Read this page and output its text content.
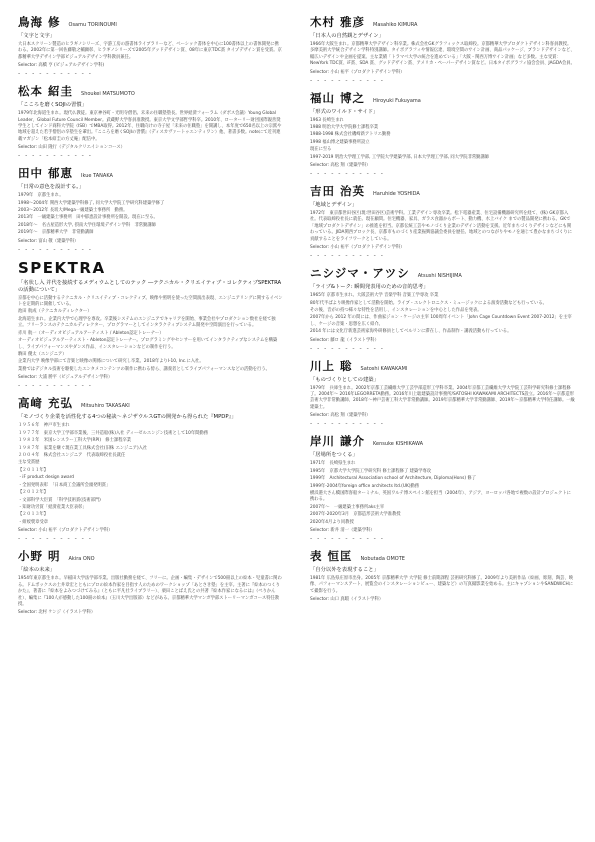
鳥海 修 Osamu TORINOUMI
「文字と文字」

大日本スクリーン製造のヒラギノシリーズ、字游工房の游書体ライブラリーなど、ベーシック書体を中心に100書体以上の書体開発に携わる。2002年に第一回佐藤敬之輔顕彰、ヒラギノシリーズで2005年グッドデザイン賞、08年に東京TDC賞 タイプデザイン賞を受賞。京都精華大学デザイン学部ビジュアルデザイン学科教員兼任。

Selector: 高橋 亨 (ビジュアルデザイン学科)
- - - - - - - - - - -
松本 紹圭 Shoukei MATSUMOTO
「こころを磨くSOJIの習慣」

1979年北海道生まれ。現代仏教徒。東京神谷町・光明寺僧侶。未来の住職塾塾長。世界経済フォーラム（ダボス会議）Young Global Leader、Global Future Council Member。武蔵野大学客員准教授。東京大学文学部哲学科卒。2010年、ローターリー財団国際親善奨学生としてインド商科大学院（ISB）でMBA取得。2012年、住職向けの寺子屋「未来の住職塾」を開講し、本年度で650名以上の宗派や地域を超えた若手僧侶の卒塾生を輩出。『こころを磨くSOJIの習慣』（ディスカヴァートゥエンティワン）他、著書多数。noteにて近刊連載マガジン「松本紹圭の方丈庵」配信中。

Selector: 山田 隆行（デジタルクリエイションコース）
- - - - - - - - - - -
田中 郁恵 Ikue TANAKA
「日常の意色を設計する。」

1979年　京都生まれ。

1998～2004年 関西大学建築学科修了, 同大学大学院工学研究科建築学修了

2003～2012年 長坂大/Mega一級建築士事務所　勤務。

2013年　一級建築士事務所　田中郁恵設計事務所を開設。現在に至る。

2018年～　名古屋造形大学, 摂南大学住環境デザイン学科　非常勤講師

2019年～　京都精華大学　非常勤講師

Selector: 富山 敬（建築学科）
- - - - - - - - - - -
SPEKTRA
「名状し入 并代を接続するメディウムとしてのテック ―テクニカル・クリエイティブ・コレクティブSPEKTRAの活動について」

京都を中心に活動するテクニカル・クリエイティブ・コレクティブ。映像や照明を使った空間演出表現、エンジニアリングに関するイベントを定期的に開催している。

池田 航成（テクニカルディレクター）

北海道生まれ。企業内大学で心理学を専攻。卒業後システムのエンジニアでキャリアを開始、事業会社やプロダクション数社を経て独立。フリーランスのテクニカルディレクター、プログラマーとしてインタラクティブシステム開発や空間演出を行っている。

赤川 航一（オーディオビジュアルアーティスト / Ableton認定トレーナー）

オーディオビジュアルアーティスト・Ableton認定トレーナー。プログラミングやセンサーを用いてインタラクティブなシステムを構築し、ライブパフォーマンスやダンス作品、インスタレーションなどの制作を行う。

駒田 優太（エンジニア）

企業内大学 映像学部にて音楽と映像の関係について研究し卒業。2018年よりI-10, Inc.に入社。

業務ではデジタル技術を駆使したエンタメコンテンツの制作に携わる傍ら、講義者としてライブパフォーマンスなどの活動を行う。

Selector: 大浦 勝平（ビジュアルデザイン学科）
- - - - - - - - - - -
高﨑 充弘 Mitsuhiro TAKASAKI
「モノづくり企業を活性化する4つの秘訣～ネジザウルスGTの開発から得られた『MPDP』」

１９５６年　神戸市生まれ

１９７７年　東京大学工学部卒業後、三井造船(株)入社 ディーゼルエンジン技術として10年間勤務

１９８３年　米国レンスラー工科大学(RPI)　修士課程卒業

１９８７年　家業を継ぐ現在業工具株式会社(旧株 エンジニア)入社

２００４年　株式会社エンジニア　代表取締役社長就任

主な受賞歴

【２０１１年】

・iF product design award

・全国発明表彰　「日本商工会議所会頭発明賞」

【２０１２年】

・文部科学大臣賞　「科学技術賞(技術部門)

・知財功労賞「経済産業大臣表彰」

【２０１３年】

・紺綬褒章受章

Selector: 小山 祐平（プロダクトデザイン学科）
- - - - - - - - - - -
小野 明 Akira ONO
「絵本の未来」

1954年東京都生まれ。早稲田大学法学部卒業。出版社勤務を経て、フリーに。企画・編集・デザインで500冊以上の絵本・児童書に関わる。ドムボックスの土井章宏とともにプロの絵本作家を目指す人のためのワークショップ「あとさき塾」を主宰。主著に『絵本のつくりかた』、著書に『絵本をよみつづけてみる』（ともに平凡社ライブラリー）、栗田ことばえ氏との共著『絵本作家になるには』（ぺりかん社）、編集に『100人が感動した100冊の絵本』（玉川大学出版部）などがある。京都精華大学マンガ学部ストーリーマンガコース特任教授。

Selector: 北村 ケンジ（イラスト学科）
木村 雅彦 Masahiko KIMURA
「日本人の自然観とデザイン」

1966年大阪生まれ。京都精華大学デザイン科卒業。株式会社GKグラフィックス取締役。京都精華大学プロダクトデザイン科客員教授。多摩美術大学統合デザイン学科特別講師。タイポグラフィや情報伝達、環境空間のサイン計画、商品パッケージ、ブランドデザインなど、幅広いデザインや企画を提案。主な業績「トラマベ大学の統合を進めている」「大阪・関西万博サイン計画」など多数。主な受賞：NewYork TDC賞、iF賞、SDA 賞、グッドデザイン賞、アメリカ・ペーパーデザイン賞など。日本タイポグラフィ協会会員、JAGDA会員。

Selector: 小山 祐平（プロダクトデザイン学科）
- - - - - - - - - - -
福山 博之 Hiroyuki Fukuyama
「形式のワイルド・サイド」

1963 長崎生まれ

1988 明治大学大学院修士課程卒業

1988-1998 株式会社磯崎新アトリエ勤務

1998 福山博之建築事務所設立

現在に至る

1997-2019 明治大学理工学部, 工学院大学建築学部, 日本大学理工学部, 同大学院非常勤講師

Selector: 高松 翔（建築学科）
- - - - - - - - - - -
吉田 治英 Haruhide YOSHIDA
「地域とデザイン」

1972年　東京都世田谷区(現:世田谷区)芸術学科。工業デザイン専攻卒業。松下電器産業、住宅設備機器研究所を経て、(株) GK京都入社。代表取締役社長に就任。現在顧問。住宅機器、家具、ガラス食器からボート、動力機、水上バイク までの製品開発に携わる。GKで「地域プロダクトデザイン」の推進を担当。京都伝統工芸やモノづくり企業のデザイン活動を支援。近年まちづくりデザインなどにも関わっている。JIDA関西ブロック長、京都市ものづくり産業振興協議会委員を歴任。地域とのつながりやモノを通じて豊かなまちづくりに貢献することをライフワークとしている。

Selector: 小山 祐平（プロダクトデザイン学科）
- - - - - - - - - - -
ニシジマ・アツシ Atsushi NISHIJIMA
「ライブ&トーク: 瞬間発表用のための音的思考」

1965年 京都市生まれ。大阪芸術大学 音楽学科 音楽工学専攻 卒業

80年代半ばより映像作家として活動を開始。ライブ・エレクトロニクス・ミュージックによる演奏活動なども行っている。

その後、音がの持つ様々な特性を活用し、インスタレーションを中心とした作品を発表。

2007年から 2012 年の間には、作曲家ジョン・ケージの主宰 100周年イベント「John Cage Countdown Event 2007-2012」を主宰し、ケージの音楽・思想を広く紹介。

2014 年には文化庁新進芸術家海外研修員としてベルリンに滞在し、作品制作・講義活動も行っている。

Selector: 藤ロ 龍（イラスト学科）
- - - - - - - - - - -
川上 聡 Satoshi KAWAKAMI
「ものづくりとしての建築」

1979年　兵庫生まれ。2002年京都工芸繊維大学工芸学部造形工学科卒業。2004年京都工芸繊維大学大学院工芸科学研究科修士課程修了。2004年～ 2016年LEGORRETA勤務。2016年川上聡建築設計事務所/SATOSHI KAWAKAMI ARCHITECTS設立。2016年～京都造形芸術大学非常勤講師、2018年～神戸芸術工科大学非常勤講師。2019年京都精華大学非常勤講師、2019年～京都精華大学特任講師。一級建築士。

Selector: 高松 翔（建築学科）
- - - - - - - - - - -
岸川 謙介 Kensuke KISHIKAWA
「居場所をつくる」

1971年　長崎県生まれ

1995年　京都大学大学院工学研究科 修士課程修了 建築学専攻

1999年　Architectural Association school of Architecture, Diploma(Hons) 修了

1999年-2004年foreign office architects ltd.(UK)勤務

横浜港大さん橋国際客船ターミナル、英国ワルテ博スペイン館を担当（2004年）、アジア、ヨーロッパ各地で複数の設計プロジェクトに携わる。

2007年～　一級建築士事務所aks主宰

2007年-2020年3月　京都造形芸術大学准教授

2020年4月より同教授

Selector: 新井 清一（建築学科）
- - - - - - - - - - -
表 恒匡 Nobutada OMOTE
「自分以外を表現すること」

1981年 広島県庄原市出身。2005年 京都精華大学 大学院 修士前期課程 芸術研究科修了。2009年より美術作品（絵画、彫刻、陶芸、映像、パフォーマンスアート、展覧会のインスタレーションビュー、建築など）の写真撮影業を始める。主にキャプションやSANDWICHにて撮影を行う。

Selector: 山口 真暇（イラスト学科）
